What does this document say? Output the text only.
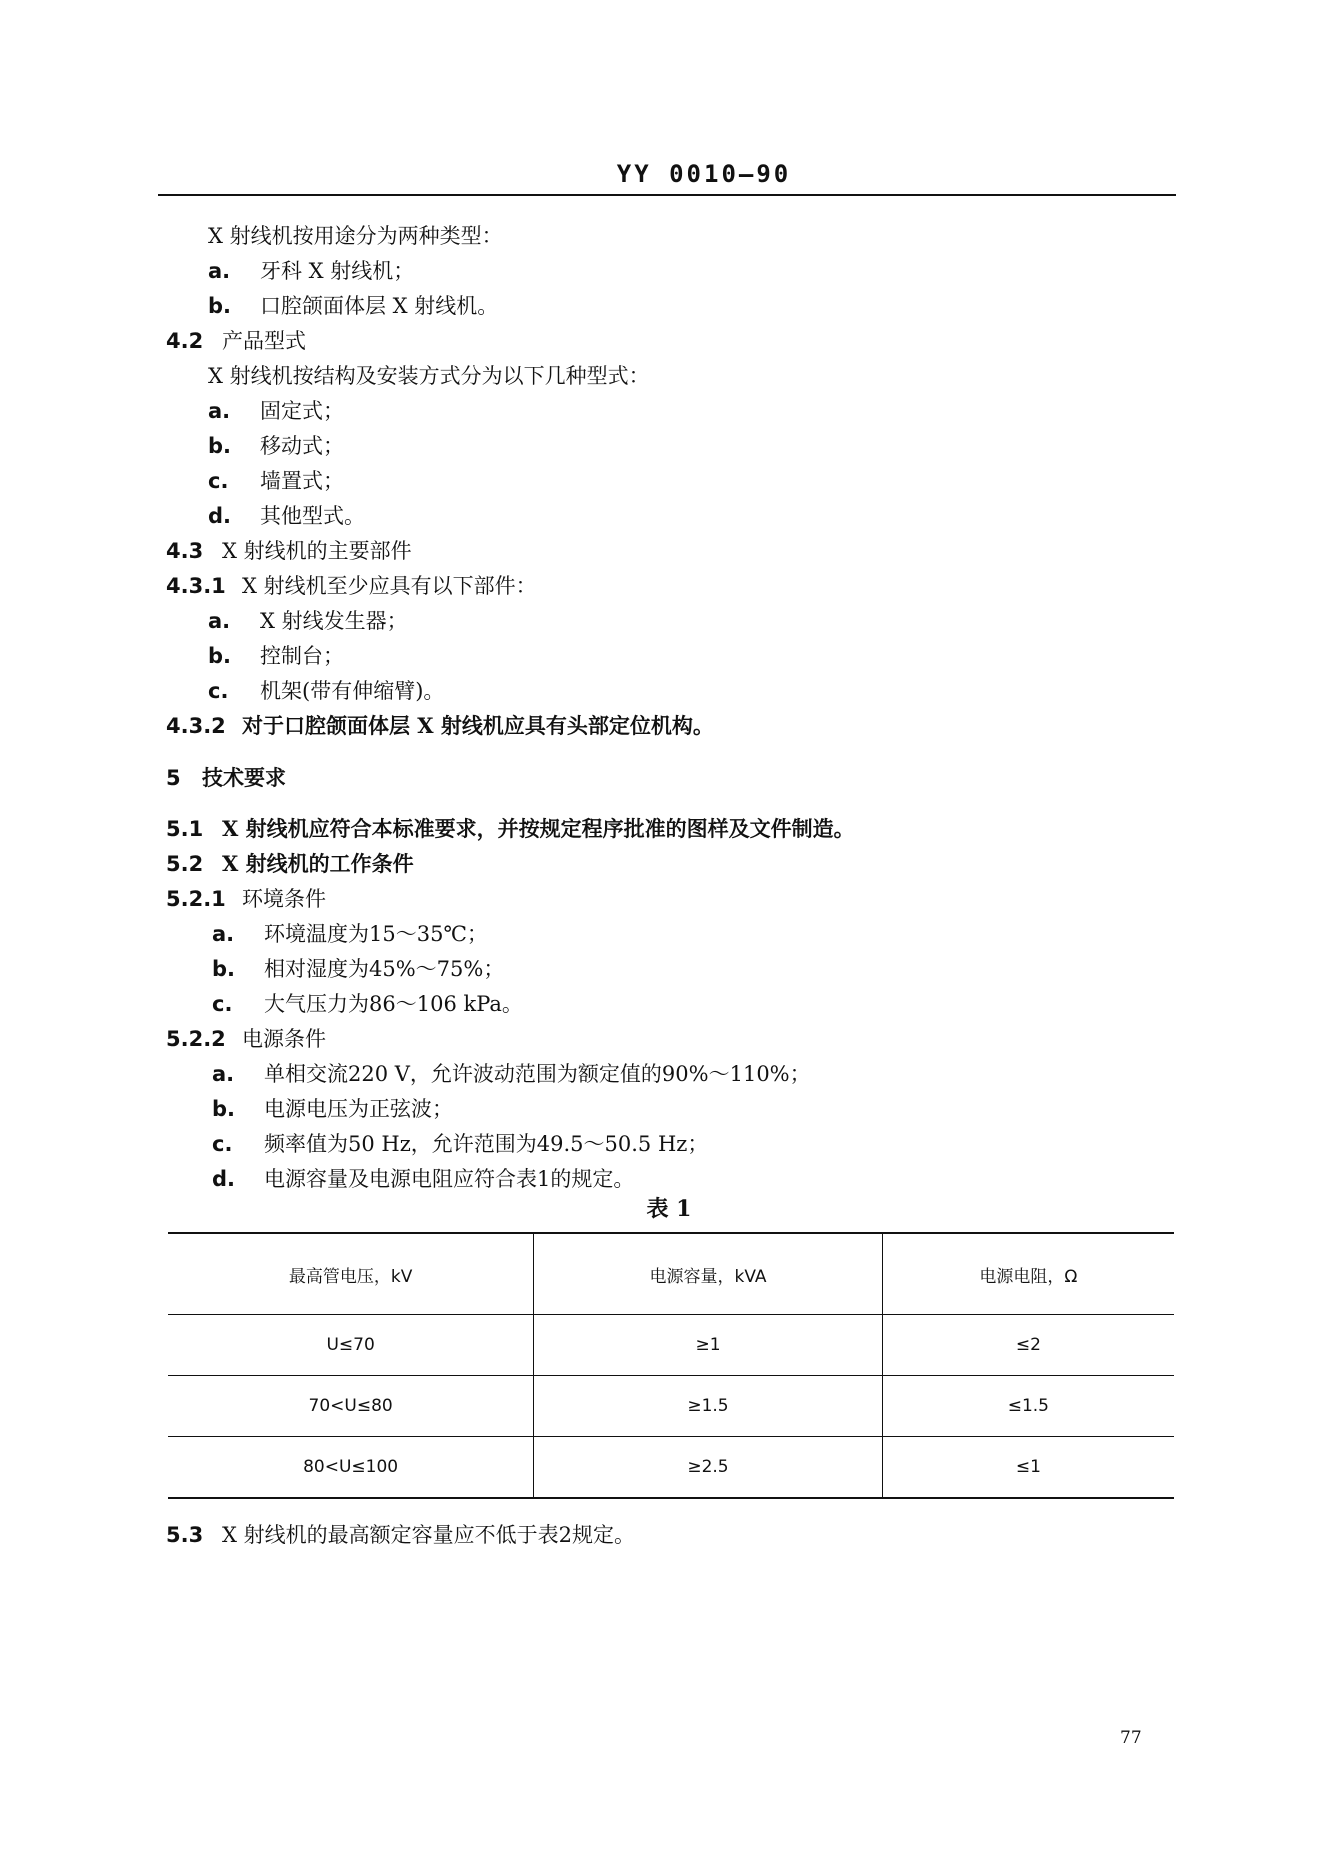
YY 0010—90
X 射线机按用途分为两种类型：
a. 牙科 X 射线机；
b. 口腔颌面体层 X 射线机。
4.2 产品型式
X 射线机按结构及安装方式分为以下几种型式：
a. 固定式；
b. 移动式；
c. 墙置式；
d. 其他型式。
4.3 X 射线机的主要部件
4.3.1 X 射线机至少应具有以下部件：
a. X 射线发生器；
b. 控制台；
c. 机架(带有伸缩臂)。
4.3.2 对于口腔颌面体层 X 射线机应具有头部定位机构。
5 技术要求
5.1 X 射线机应符合本标准要求，并按规定程序批准的图样及文件制造。
5.2 X 射线机的工作条件
5.2.1 环境条件
a. 环境温度为15～35℃；
b. 相对湿度为45%～75%；
c. 大气压力为86～106 kPa。
5.2.2 电源条件
a. 单相交流220 V，允许波动范围为额定值的90%～110%；
b. 电源电压为正弦波；
c. 频率值为50 Hz，允许范围为49.5～50.5 Hz；
d. 电源容量及电源电阻应符合表1的规定。
表 1
最高管电压，kV	电源容量，kVA	电源电阻，Ω
U≤70	≥1	≤2
70<U≤80	≥1.5	≤1.5
80<U≤100	≥2.5	≤1
5.3 X 射线机的最高额定容量应不低于表2规定。
77
